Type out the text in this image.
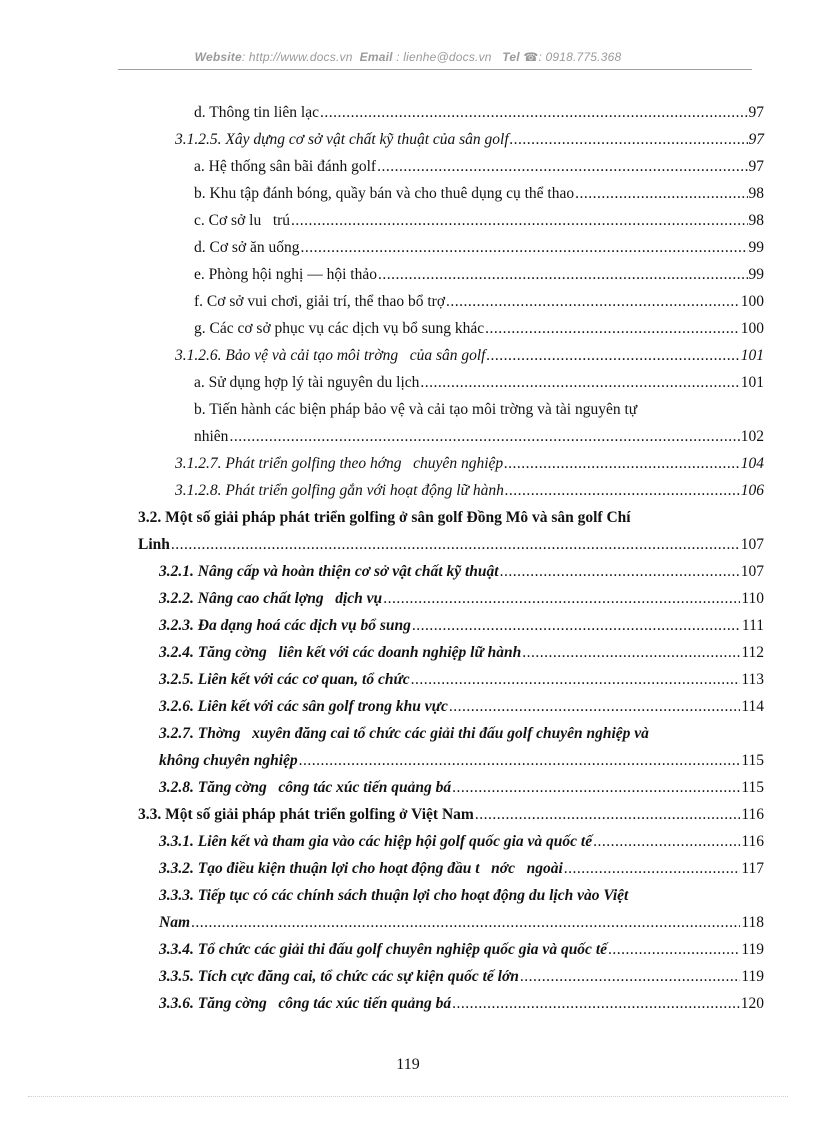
Website: http://www.docs.vn Email : lienhe@docs.vn Tel ☎: 0918.775.368
d. Thông tin liên lạc .....	97
3.1.2.5. Xây dựng cơ sở vật chất kỹ thuật của sân golf .....	97
a. Hệ thống sân bãi đánh golf .....	97
b. Khu tập đánh bóng, quầy bán và cho thuê dụng cụ thể thao .....	98
c. Cơ sở lu   trú .....	98
d. Cơ sở ăn uống .....	99
e. Phòng hội nghị — hội thảo .....	99
f. Cơ sở vui chơi, giải trí, thể thao bổ trợ .....	100
g. Các cơ sở phục vụ các dịch vụ bổ sung khác .....	100
3.1.2.6. Bảo vệ và cải tạo môi trờng   của sân golf .....	101
a. Sử dụng hợp lý tài nguyên du lịch .....	101
b. Tiến hành các biện pháp bảo vệ và cải tạo môi trờng và tài nguyên tự
nhiên .....	102
3.1.2.7. Phát triển golfing theo hớng   chuyên nghiệp .....	104
3.1.2.8. Phát triển golfing gắn với hoạt động lữ hành .....	106
3.2. Một số giải pháp phát triển golfing ở sân golf Đồng Mô và sân golf Chí
Linh .....	107
3.2.1. Nâng cấp và hoàn thiện cơ sở vật chất kỹ thuật .....	107
3.2.2. Nâng cao chất lợng   dịch vụ .....	110
3.2.3. Đa dạng hoá các dịch vụ bổ sung .....	111
3.2.4. Tăng cờng   liên kết với các doanh nghiệp lữ hành .....	112
3.2.5. Liên kết với các cơ quan, tổ chức .....	113
3.2.6. Liên kết với các sân golf trong khu vực .....	114
3.2.7. Thờng   xuyên đăng cai tổ chức các giải thi đấu golf chuyên nghiệp và
không chuyên nghiệp .....	115
3.2.8. Tăng cờng   công tác xúc tiến quảng bá .....	115
3.3. Một số giải pháp phát triển golfing ở Việt Nam .....	116
3.3.1. Liên kết và tham gia vào các hiệp hội golf quốc gia và quốc tế .....	116
3.3.2. Tạo điều kiện thuận lợi cho hoạt động đầu t   nớc   ngoài .....	117
3.3.3. Tiếp tục có các chính sách thuận lợi cho hoạt động du lịch vào Việt
Nam .....	118
3.3.4. Tổ chức các giải thi đấu golf chuyên nghiệp quốc gia và quốc tế .....	119
3.3.5. Tích cực đăng cai, tổ chức các sự kiện quốc tế lớn .....	119
3.3.6. Tăng cờng   công tác xúc tiến quảng bá .....	120
119
